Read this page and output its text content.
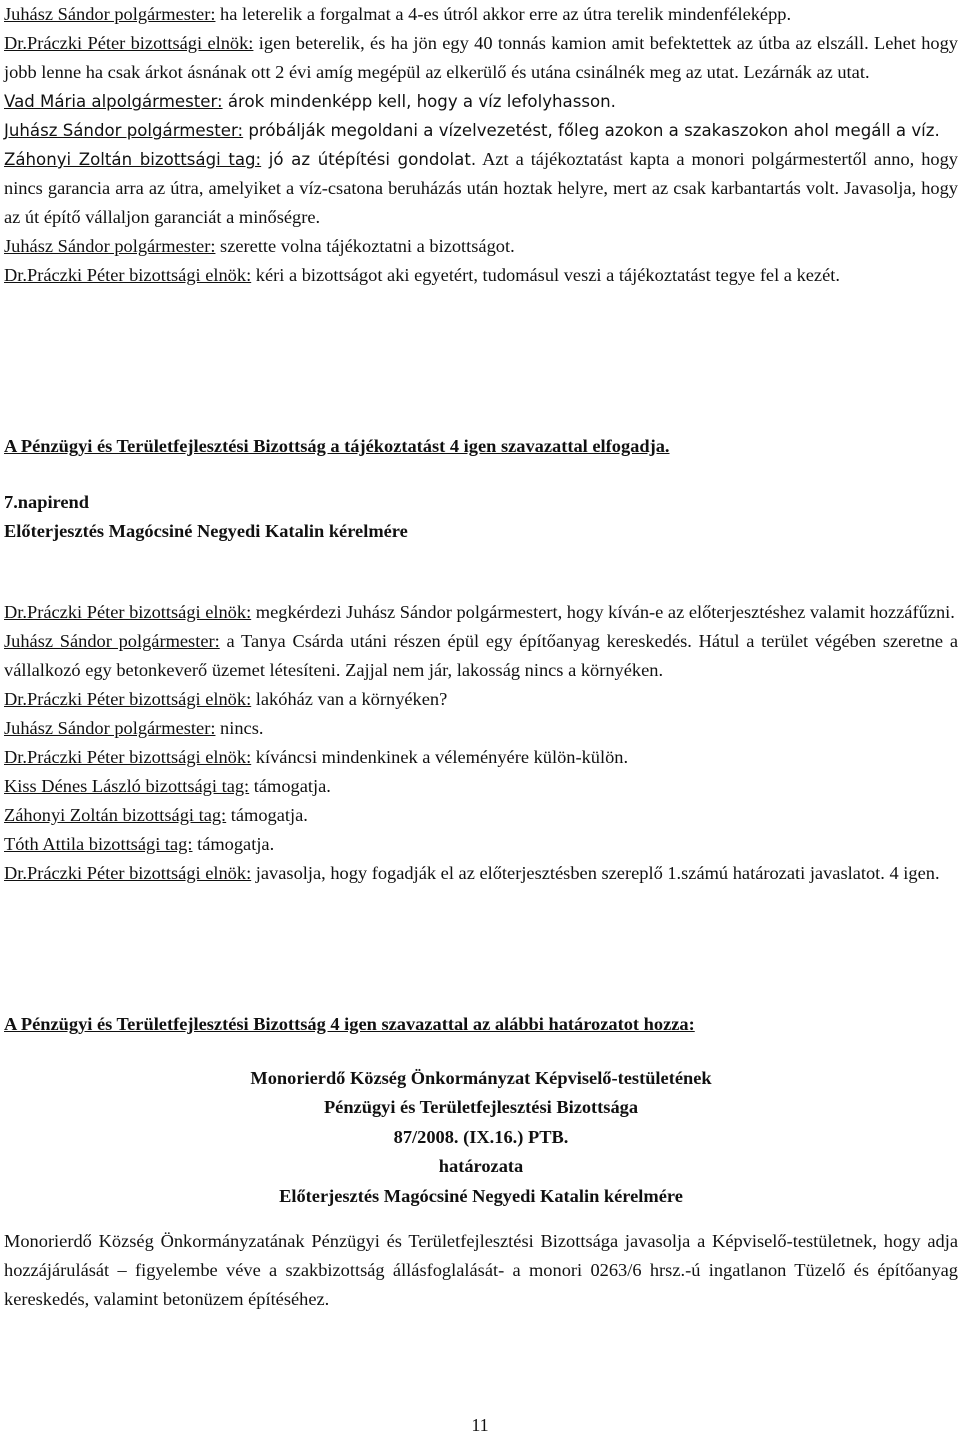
Juhász Sándor polgármester: ha leterelik a forgalmat a 4-es útról akkor erre az útra terelik mindenféleképp.

Dr.Práczki Péter bizottsági elnök: igen beterelik, és ha jön egy 40 tonnás kamion amit befektettek az útba az elszáll. Lehet hogy jobb lenne ha csak árkot ásnának ott 2 évi amíg megépül az elkerülő és utána csinálnék meg az utat. Lezárnák az utat.

Vad Mária alpolgármester: árok mindenképp kell, hogy a víz lefolyhasson.

Juhász Sándor polgármester: próbálják megoldani a vízelvezetést, főleg azokon a szakaszokon ahol megáll a víz.

Záhonyi Zoltán bizottsági tag: jó az útépítési gondolat. Azt a tájékoztatást kapta a monori polgármestertől anno, hogy nincs garancia arra az útra, amelyiket a víz-csatona beruházás után hoztak helyre, mert az csak karbantartás volt. Javasolja, hogy az út építő vállaljon garanciát a minőségre.

Juhász Sándor polgármester: szerette volna tájékoztatni a bizottságot.

Dr.Práczki Péter bizottsági elnök: kéri a bizottságot aki egyetért, tudomásul veszi a tájékoztatást tegye fel a kezét.

A Pénzügyi és Területfejlesztési Bizottság a tájékoztatást 4 igen szavazattal elfogadja.

7.napirend

Előterjesztés Magócsiné Negyedi Katalin kérelmére

Dr.Práczki Péter bizottsági elnök: megkérdezi Juhász Sándor polgármestert, hogy kíván-e az előterjesztéshez valamit hozzáfűzni.

Juhász Sándor polgármester: a Tanya Csárda utáni részen épül egy építőanyag kereskedés. Hátul a terület végében szeretne a vállalkozó egy betonkeverő üzemet létesíteni. Zajjal nem jár, lakosság nincs a környéken.

Dr.Práczki Péter bizottsági elnök: lakóház van a környéken?

Juhász Sándor polgármester: nincs.

Dr.Práczki Péter bizottsági elnök: kíváncsi mindenkinek a véleményére külön-külön.

Kiss Dénes László bizottsági tag: támogatja.

Záhonyi Zoltán bizottsági tag: támogatja.

Tóth Attila bizottsági tag: támogatja.

Dr.Práczki Péter bizottsági elnök: javasolja, hogy fogadják el az előterjesztésben szereplő 1.számú határozati javaslatot. 4 igen.

A Pénzügyi és Területfejlesztési Bizottság 4 igen szavazattal az alábbi határozatot hozza:

Monorierdő Község Önkormányzat Képviselő-testületének

Pénzügyi és Területfejlesztési Bizottsága

87/2008. (IX.16.) PTB.

határozata

Előterjesztés Magócsiné Negyedi Katalin kérelmére

Monorierdő Község Önkormányzatának Pénzügyi és Területfejlesztési Bizottsága javasolja a Képviselő-testületnek, hogy adja hozzájárulását – figyelembe véve a szakbizottság állásfoglalását- a monori 0263/6 hrsz.-ú ingatlanon Tüzelő és építőanyag kereskedés, valamint betonüzem építéséhez.

11
